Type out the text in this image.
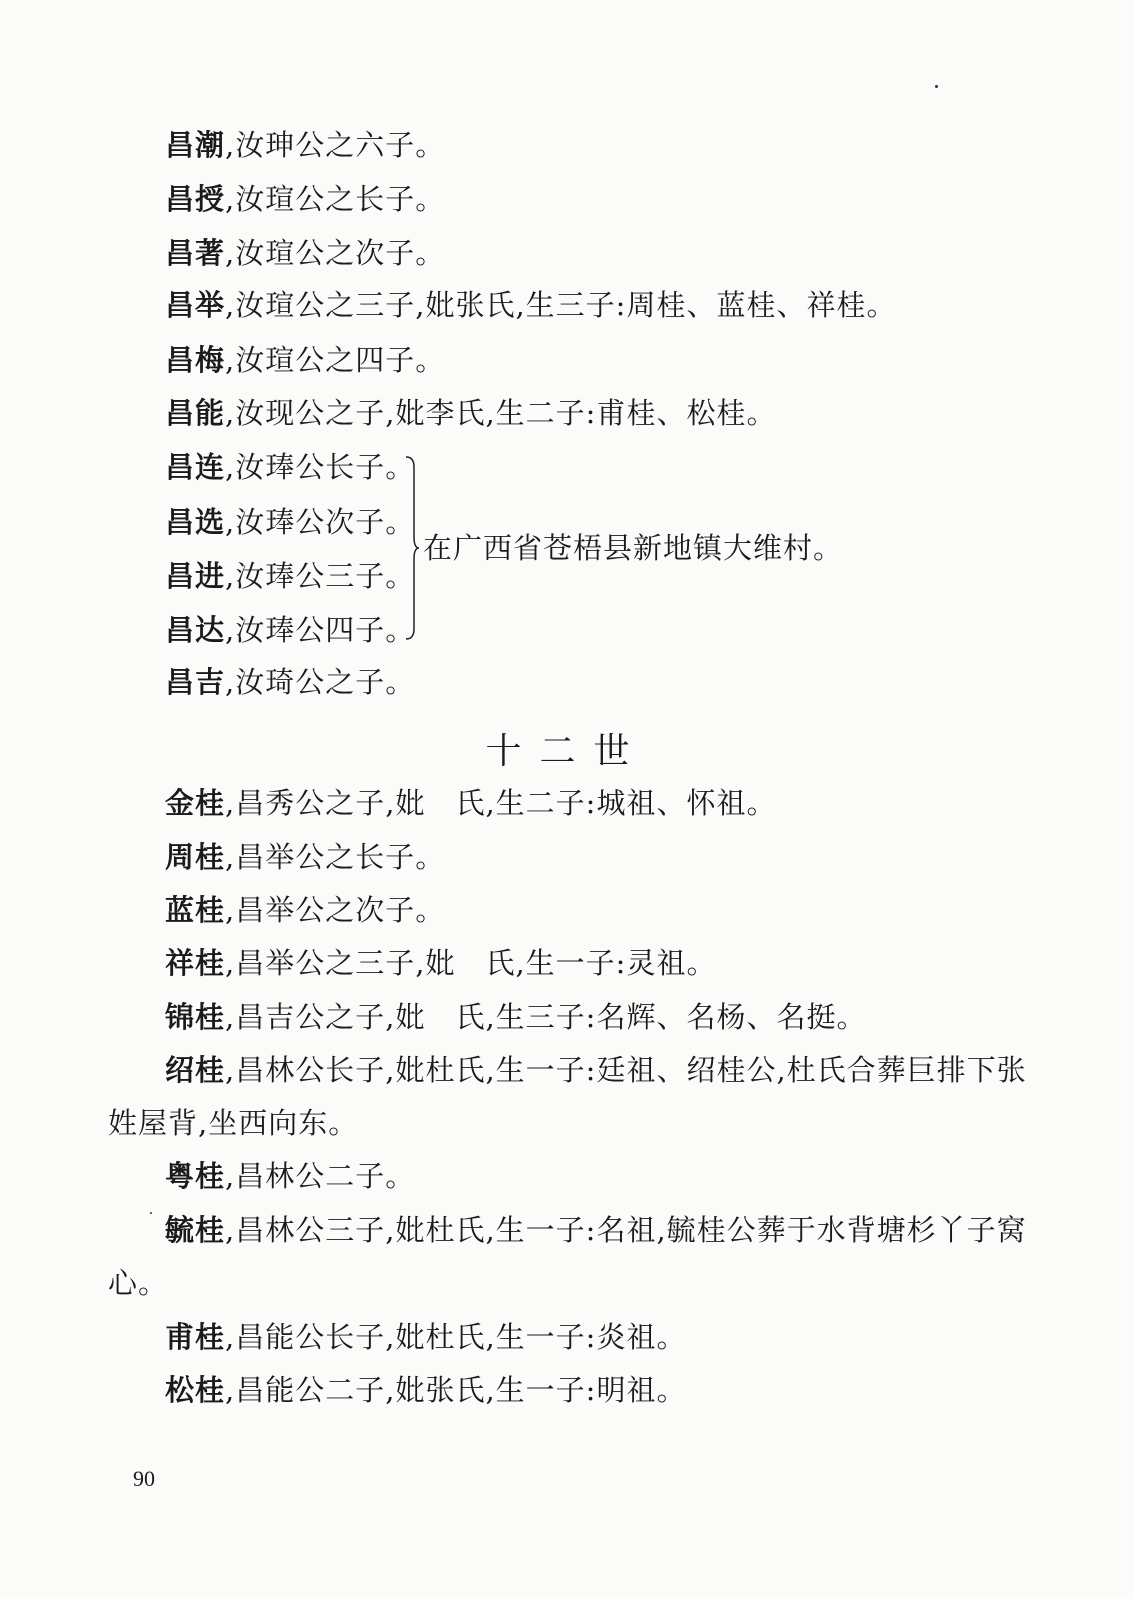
昌潮,汝珅公之六子。
昌授,汝瑄公之长子。
昌著,汝瑄公之次子。
昌举,汝瑄公之三子,妣张氏,生三子:周桂、蓝桂、祥桂。
昌梅,汝瑄公之四子。
昌能,汝现公之子,妣李氏,生二子:甫桂、松桂。
昌连,汝琫公长子。
昌选,汝琫公次子。
昌进,汝琫公三子。
昌达,汝琫公四子。
在广西省苍梧县新地镇大维村。
昌吉,汝琦公之子。
十二世
金桂,昌秀公之子,妣　氏,生二子:城祖、怀祖。
周桂,昌举公之长子。
蓝桂,昌举公之次子。
祥桂,昌举公之三子,妣　氏,生一子:灵祖。
锦桂,昌吉公之子,妣　氏,生三子:名辉、名杨、名挺。
绍桂,昌林公长子,妣杜氏,生一子:廷祖、绍桂公,杜氏合葬巨排下张
姓屋背,坐西向东。
粤桂,昌林公二子。
毓桂,昌林公三子,妣杜氏,生一子:名祖,毓桂公葬于水背塘杉丫子窝
心。
甫桂,昌能公长子,妣杜氏,生一子:炎祖。
松桂,昌能公二子,妣张氏,生一子:明祖。
90
